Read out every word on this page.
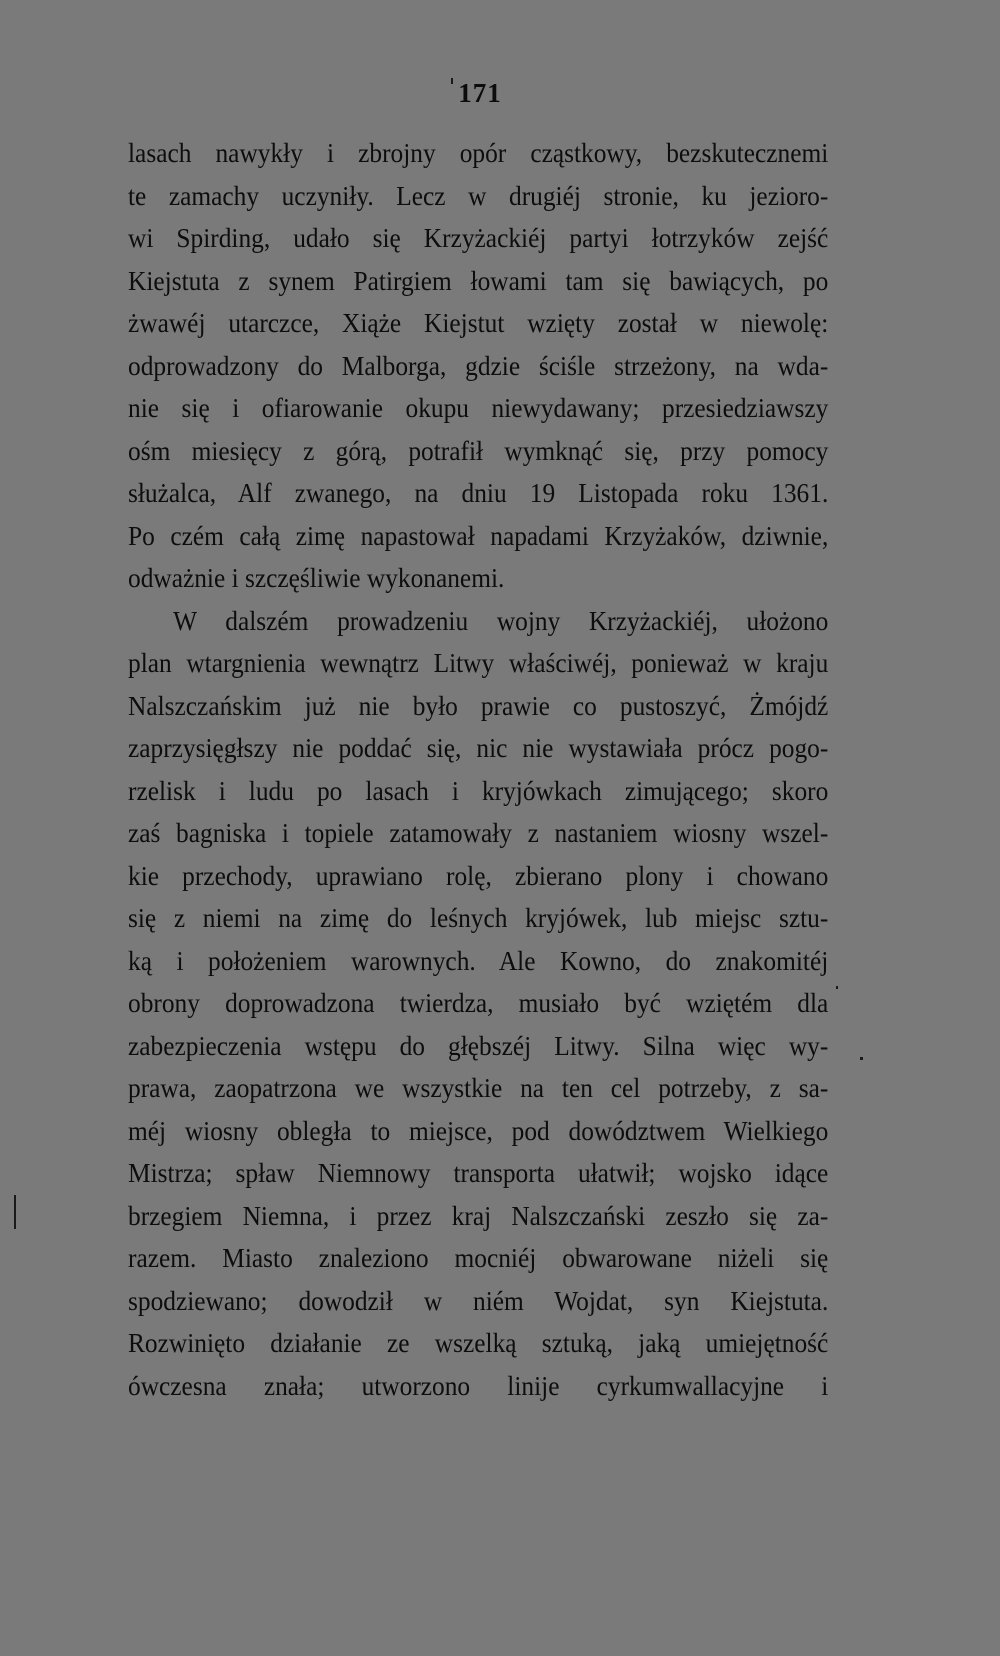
171
lasach nawykły i zbrojny opór cząstkowy, bezskutecznemi
te zamachy uczyniły. Lecz w drugiéj stronie, ku jeziorо-
wi Spirding, udało się Krzyżackiéj partyi łotrzyków zejść
Kiejstuta z synem Patirgiem łowami tam się bawiących, po
żwawéj utarczce, Xiąże Kiejstut wzięty został w niewolę:
odprowadzony do Malborga, gdzie ściśle strzeżony, na wda-
nie się i ofiarowanie okupu niewydawany; przesiedziawszy
ośm miesięcy z górą, potrafił wymknąć się, przy pomocy
służalca, Alf zwanego, na dniu 19 Listopada roku 1361.
Po czém całą zimę napastował napadami Krzyżaków, dziwnie,
odważnie i szczęśliwie wykonanemi.
W dalszém prowadzeniu wojny Krzyżackiéj, ułożono
plan wtargnienia wewnątrz Litwy właściwéj, ponieważ w kraju
Nalszczańskim już nie było prawie co pustoszyć, Żmójdź
zaprzysięgłszy nie poddać się, nic nie wystawiała prócz pogo-
rzelisk i ludu po lasach i kryjówkach zimującego; skoro
zaś bagniska i topiele zatamowały z nastaniem wiosny wszel-
kie przechody, uprawiano rolę, zbierano plony i chowano
się z niemi na zimę do leśnych kryjówek, lub miejsc sztu-
ką i położeniem warownych. Ale Kowno, do znakomitéj
obrony doprowadzona twierdza, musiało być wziętém dla
zabezpieczenia wstępu do głębszéj Litwy. Silna więc wy-
prawa, zaopatrzona we wszystkie na ten cel potrzeby, z sa-
méj wiosny obległa to miejsce, pod dowództwem Wielkiego
Mistrza; spław Niemnowy transporta ułatwił; wojsko idące
brzegiem Niemna, i przez kraj Nalszczański zeszło się za-
razem. Miasto znaleziono mocniéj obwarowane niżeli się
spodziewano; dowodził w niém Wojdat, syn Kiejstuta.
Rozwinięto działanie ze wszelką sztuką, jaką umiejętność
ówczesna znała; utworzono linije cyrkumwallacyjne i
